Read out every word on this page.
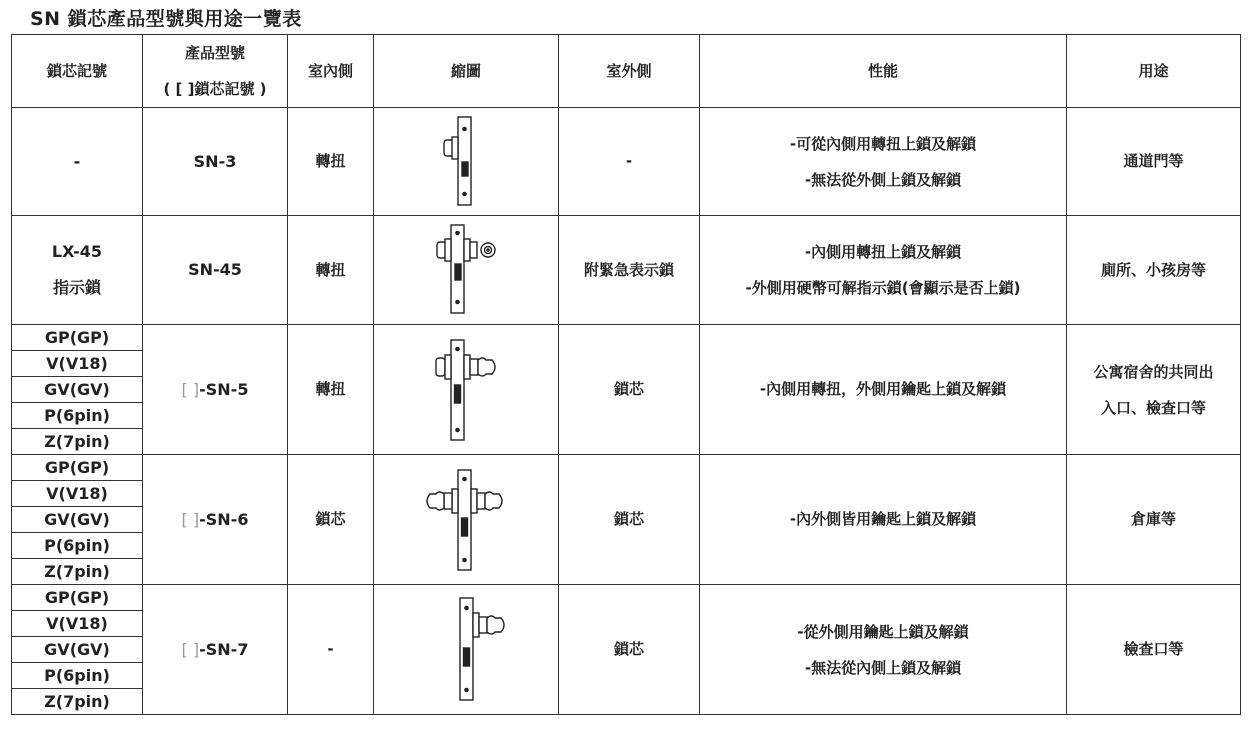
SN 鎖芯產品型號與用途一覽表
鎖芯記號	產品型號
( [ ]鎖芯記號 )	室內側	縮圖	室外側	性能	用途
-	SN-3	轉扭		-	-可從內側用轉扭上鎖及解鎖
-無法從外側上鎖及解鎖	通道門等

LX-45
指示鎖	SN-45	轉扭		附緊急表示鎖	-內側用轉扭上鎖及解鎖
-外側用硬幣可解指示鎖(會顯示是否上鎖)	廁所、小孩房等
GP(GP)	[ ]-SN-5	轉扭		鎖芯	-內側用轉扭，外側用鑰匙上鎖及解鎖	公寓宿舍的共同出
入口、檢查口等

V(V18)						
GV(GV)						
P(6pin)						
Z(7pin)						
GP(GP)	[ ]-SN-6	鎖芯		鎖芯	-內外側皆用鑰匙上鎖及解鎖	倉庫等
V(V18)						
GV(GV)						
P(6pin)						
Z(7pin)						
GP(GP)	[ ]-SN-7	-		鎖芯	-從外側用鑰匙上鎖及解鎖
-無法從內側上鎖及解鎖	檢查口等
V(V18)						
GV(GV)						
P(6pin)						
Z(7pin)						
